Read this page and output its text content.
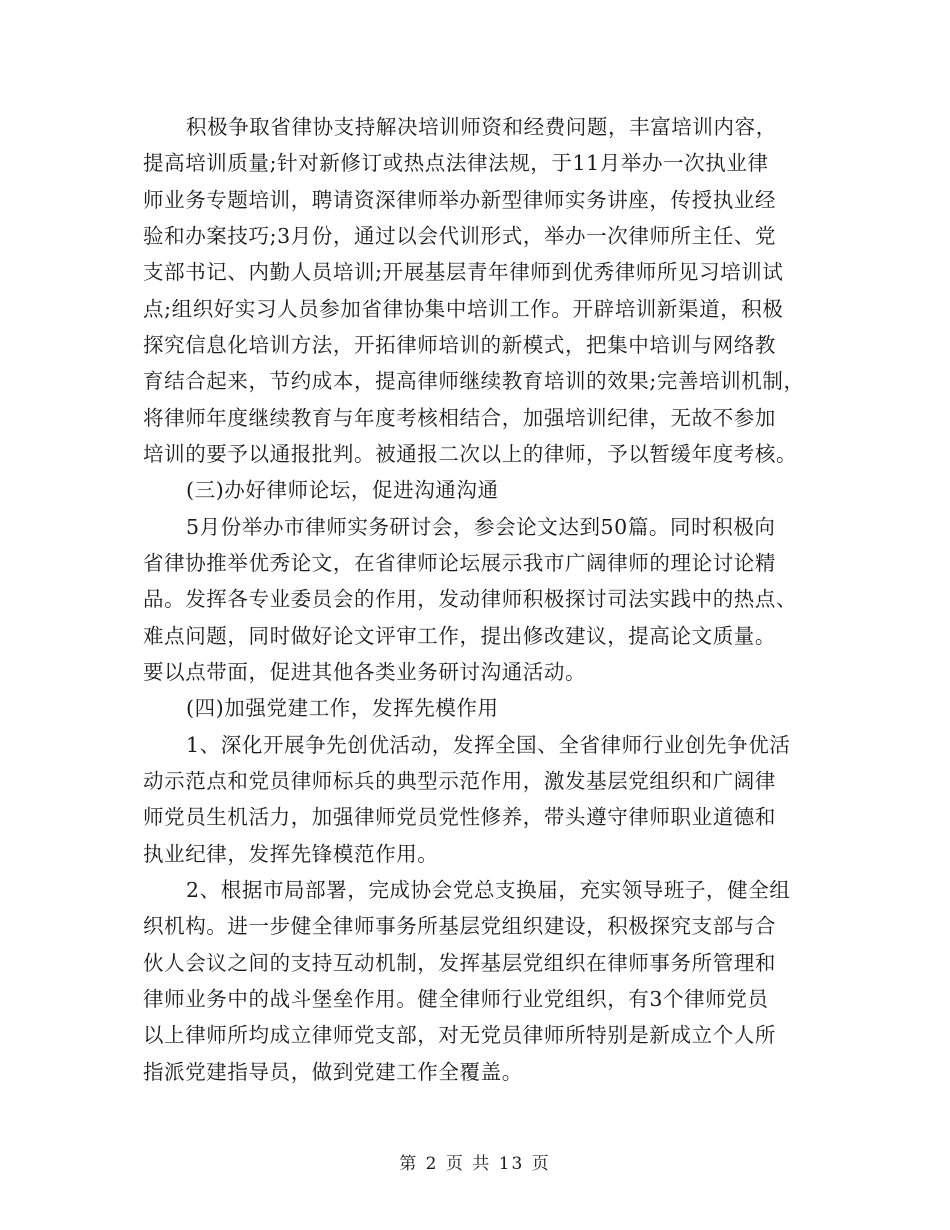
积极争取省律协支持解决培训师资和经费问题，丰富培训内容，
提高培训质量;针对新修订或热点法律法规，于11月举办一次执业律
师业务专题培训，聘请资深律师举办新型律师实务讲座，传授执业经
验和办案技巧;3月份，通过以会代训形式，举办一次律师所主任、党
支部书记、内勤人员培训;开展基层青年律师到优秀律师所见习培训试
点;组织好实习人员参加省律协集中培训工作。开辟培训新渠道，积极
探究信息化培训方法，开拓律师培训的新模式，把集中培训与网络教
育结合起来，节约成本，提高律师继续教育培训的效果;完善培训机制，
将律师年度继续教育与年度考核相结合，加强培训纪律，无故不参加
培训的要予以通报批判。被通报二次以上的律师，予以暂缓年度考核。
(三)办好律师论坛，促进沟通沟通
5月份举办市律师实务研讨会，参会论文达到50篇。同时积极向
省律协推举优秀论文，在省律师论坛展示我市广阔律师的理论讨论精
品。发挥各专业委员会的作用，发动律师积极探讨司法实践中的热点、
难点问题，同时做好论文评审工作，提出修改建议，提高论文质量。
要以点带面，促进其他各类业务研讨沟通活动。
(四)加强党建工作，发挥先模作用
1、深化开展争先创优活动，发挥全国、全省律师行业创先争优活
动示范点和党员律师标兵的典型示范作用，激发基层党组织和广阔律
师党员生机活力，加强律师党员党性修养，带头遵守律师职业道德和
执业纪律，发挥先锋模范作用。
2、根据市局部署，完成协会党总支换届，充实领导班子，健全组
织机构。进一步健全律师事务所基层党组织建设，积极探究支部与合
伙人会议之间的支持互动机制，发挥基层党组织在律师事务所管理和
律师业务中的战斗堡垒作用。健全律师行业党组织，有3个律师党员
以上律师所均成立律师党支部，对无党员律师所特别是新成立个人所
指派党建指导员，做到党建工作全覆盖。
第 2 页 共 13 页
